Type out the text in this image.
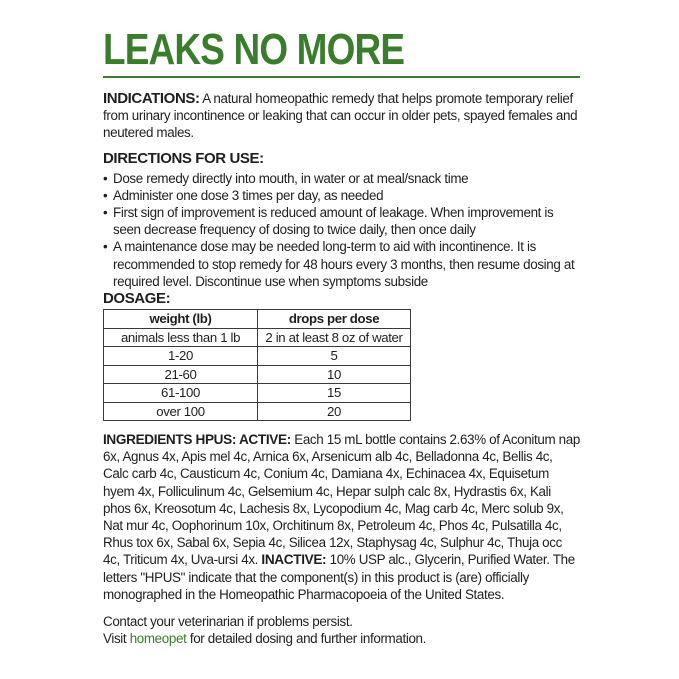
LEAKS NO MORE
INDICATIONS: A natural homeopathic remedy that helps promote temporary relief from urinary incontinence or leaking that can occur in older pets, spayed females and neutered males.
DIRECTIONS FOR USE:
• Dose remedy directly into mouth, in water or at meal/snack time
• Administer one dose 3 times per day, as needed
• First sign of improvement is reduced amount of leakage. When improvement is seen decrease frequency of dosing to twice daily, then once daily
• A maintenance dose may be needed long-term to aid with incontinence. It is recommended to stop remedy for 48 hours every 3 months, then resume dosing at required level. Discontinue use when symptoms subside
DOSAGE:
weight (lb)	drops per dose
animals less than 1 lb	2 in at least 8 oz of water
1-20	5
21-60	10
61-100	15
over 100	20
INGREDIENTS HPUS: ACTIVE: Each 15 mL bottle contains 2.63% of Aconitum nap 6x, Agnus 4x, Apis mel 4c, Arnica 6x, Arsenicum alb 4c, Belladonna 4c, Bellis 4c, Calc carb 4c, Causticum 4c, Conium 4c, Damiana 4x, Echinacea 4x, Equisetum hyem 4x, Folliculinum 4c, Gelsemium 4c, Hepar sulph calc 8x, Hydrastis 6x, Kali phos 6x, Kreosotum 4c, Lachesis 8x, Lycopodium 4c, Mag carb 4c, Merc solub 9x, Nat mur 4c, Oophorinum 10x, Orchitinum 8x, Petroleum 4c, Phos 4c, Pulsatilla 4c, Rhus tox 6x, Sabal 6x, Sepia 4c, Silicea 12x, Staphysag 4c, Sulphur 4c, Thuja occ 4c, Triticum 4x, Uva-ursi 4x. INACTIVE: 10% USP alc., Glycerin, Purified Water. The letters "HPUS" indicate that the component(s) in this product is (are) officially monographed in the Homeopathic Pharmacopoeia of the United States.
Contact your veterinarian if problems persist.
Visit homeopet for detailed dosing and further information.
